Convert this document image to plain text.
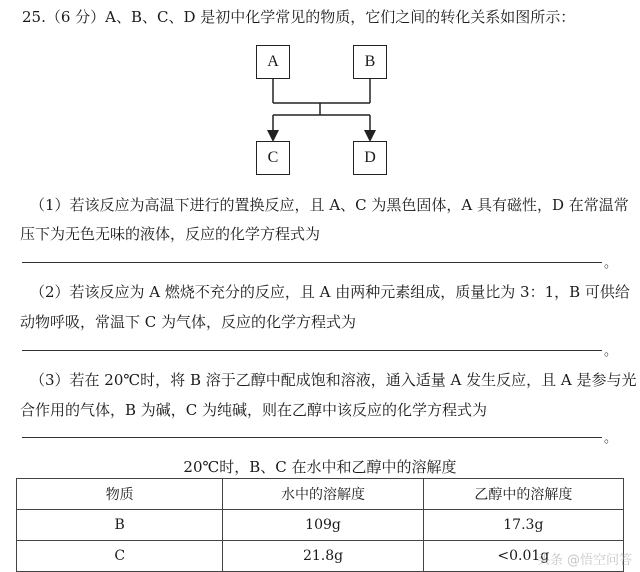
25.（6 分）A、B、C、D 是初中化学常见的物质，它们之间的转化关系如图所示：
A	B
C	D
（1）若该反应为高温下进行的置换反应，且 A、C 为黑色固体，A 具有磁性，D 在常温常
压下为无色无味的液体，反应的化学方程式为
。
（2）若该反应为 A 燃烧不充分的反应，且 A 由两种元素组成，质量比为 3：1，B 可供给
动物呼吸，常温下 C 为气体，反应的化学方程式为
。
（3）若在 20℃时，将 B 溶于乙醇中配成饱和溶液，通入适量 A 发生反应，且 A 是参与光
合作用的气体，B 为碱，C 为纯碱，则在乙醇中该反应的化学方程式为
。
20℃时，B、C 在水中和乙醇中的溶解度
物质	水中的溶解度	乙醇中的溶解度
B	109g	17.3g
C	21.8g	<0.01g
头条 @悟空问答
